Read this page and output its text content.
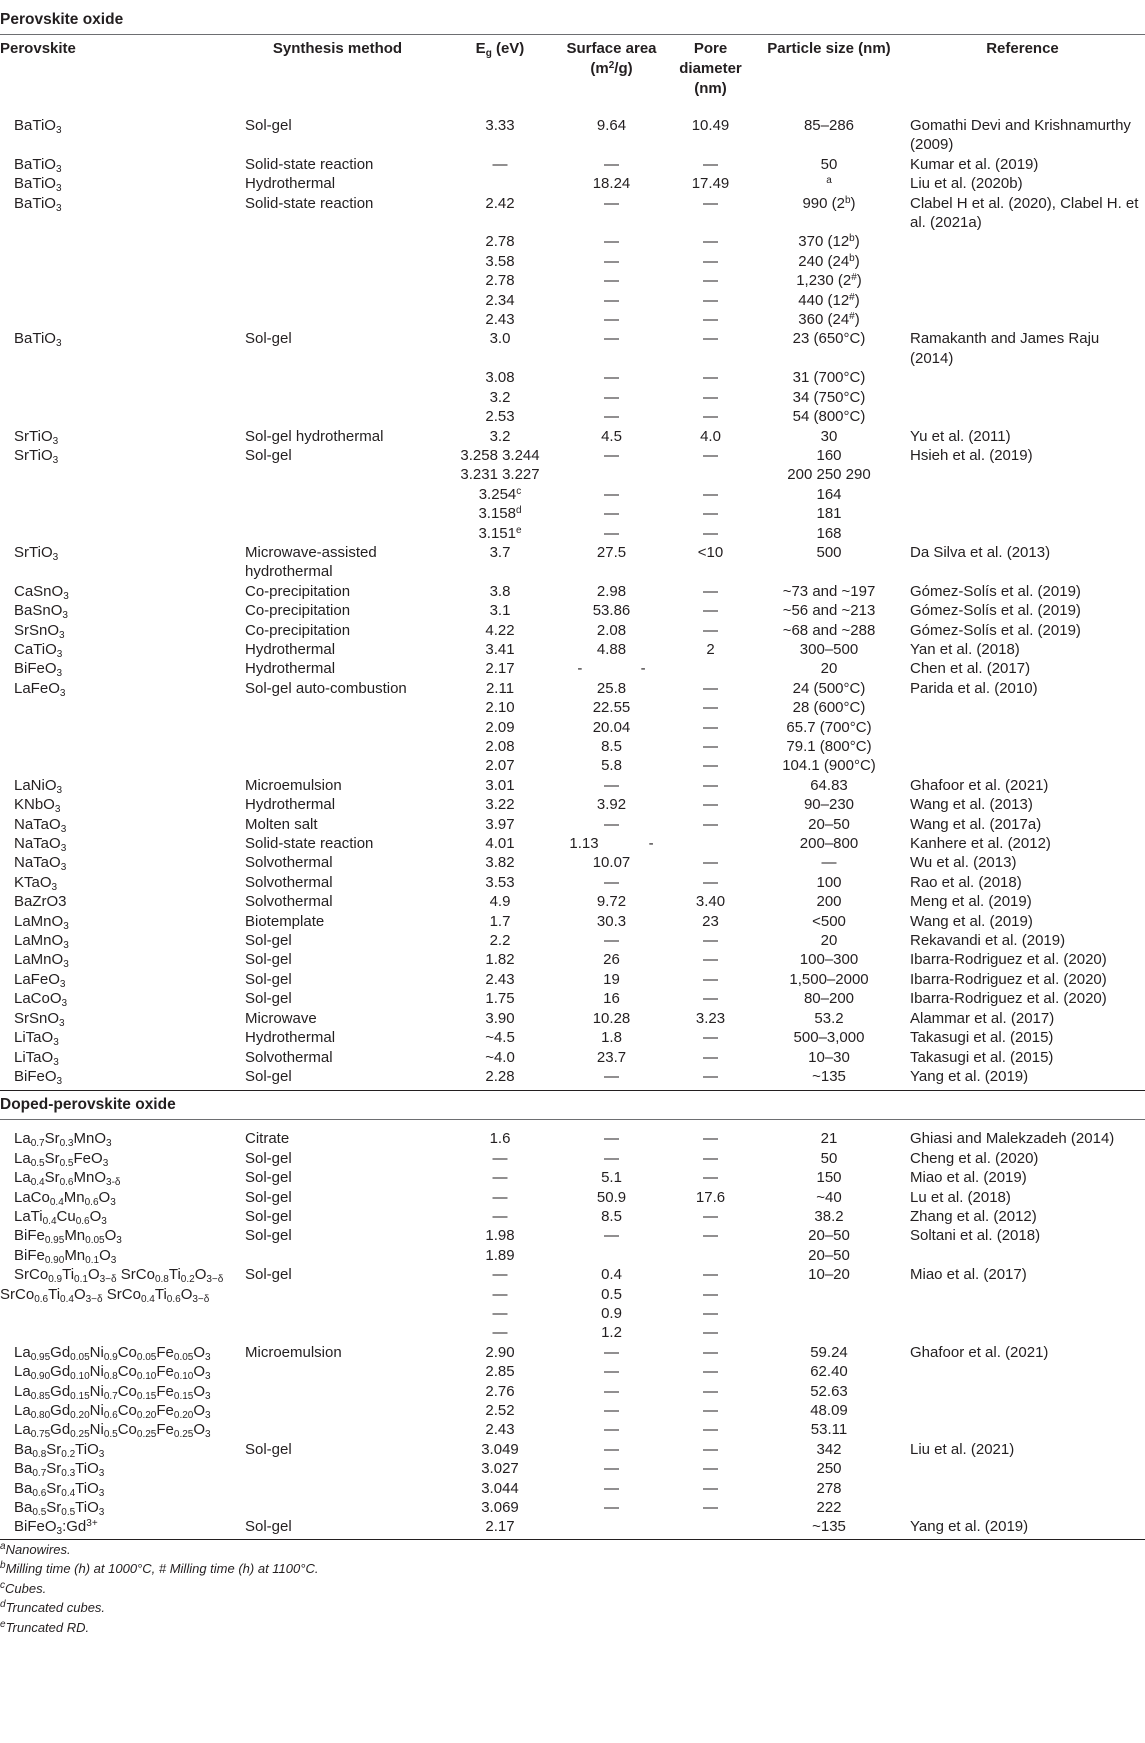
Perovskite oxide
Perovskite	Synthesis method	$E_g$ (eV)	Surface area $(m^2/g)$	Pore diameter (nm)	Particle size (nm)	Reference
BaTiO$_3$	Sol-gel	3.33	9.64	10.49	85–286	Gomathi Devi and Krishnamurthy (2009)
BaTiO$_3$	Solid-state reaction	—	—	—	50	Kumar et al. (2019)
BaTiO$_3$	Hydrothermal		18.24	17.49	$^a$	Liu et al. (2020b)
BaTiO$_3$	Solid-state reaction	2.42	—	—	990 (2$^b$)	Clabel H et al. (2020), Clabel H. et al. (2021a)
		2.78	—	—	370 (12$^b$)	
		3.58	—	—	240 (24$^b$)	
		2.78	—	—	1,230 (2#)	
		2.34	—	—	440 (12#)	
		2.43	—	—	360 (24#)	
BaTiO$_3$	Sol-gel	3.0	—	—	23 (650°C)	Ramakanth and James Raju (2014)
		3.08	—	—	31 (700°C)	
		3.2	—	—	34 (750°C)	
		2.53	—	—	54 (800°C)	
SrTiO$_3$	Sol-gel hydrothermal	3.2	4.5	4.0	30	Yu et al. (2011)
SrTiO$_3$	Sol-gel	3.258 3.244	—	—	160	Hsieh et al. (2019)
		3.231 3.227			200 250 290	
		3.254$^c$	—	—	164	
		3.158$^d$	—	—	181	
		3.151e	—	—	168	
SrTiO$_3$	Microwave-assisted hydrothermal	3.7	27.5	<10	500	Da Silva et al. (2013)
CaSnO$_3$	Co-precipitation	3.8	2.98	—	~73 and ~197	Gómez-Solís et al. (2019)
BaSnO$_3$	Co-precipitation	3.1	53.86	—	~56 and ~213	Gómez-Solís et al. (2019)
SrSnO$_3$	Co-precipitation	4.22	2.08	—	~68 and ~288	Gómez-Solís et al. (2019)
CaTiO$_3$	Hydrothermal	3.41	4.88	2	300–500	Yan et al. (2018)
BiFeO$_3$	Hydrothermal	2.17	-              -		20	Chen et al. (2017)
LaFeO$_3$	Sol-gel auto-combustion	2.11	25.8	—	24 (500°C)	Parida et al. (2010)
		2.10	22.55	—	28 (600°C)	
		2.09	20.04	—	65.7 (700°C)	
		2.08	8.5	—	79.1 (800°C)	
		2.07	5.8	—	104.1 (900°C)	
LaNiO$_3$	Microemulsion	3.01	—	—	64.83	Ghafoor et al. (2021)
KNbO$_3$	Hydrothermal	3.22	3.92	—	90–230	Wang et al. (2013)
NaTaO$_3$	Molten salt	3.97	—	—	20–50	Wang et al. (2017a)
NaTaO$_3$	Solid-state reaction	4.01	1.13            -		200–800	Kanhere et al. (2012)
NaTaO$_3$	Solvothermal	3.82	10.07	—	—	Wu et al. (2013)
KTaO$_3$	Solvothermal	3.53	—	—	100	Rao et al. (2018)
BaZrO3	Solvothermal	4.9	9.72	3.40	200	Meng et al. (2019)
LaMnO$_3$	Biotemplate	1.7	30.3	23	<500	Wang et al. (2019)
LaMnO$_3$	Sol-gel	2.2	—	—	20	Rekavandi et al. (2019)
LaMnO$_3$	Sol-gel	1.82	26	—	100–300	Ibarra-Rodriguez et al. (2020)
LaFeO$_3$	Sol-gel	2.43	19	—	1,500–2000	Ibarra-Rodriguez et al. (2020)
LaCoO$_3$	Sol-gel	1.75	16	—	80–200	Ibarra-Rodriguez et al. (2020)
SrSnO$_3$	Microwave	3.90	10.28	3.23	53.2	Alammar et al. (2017)
LiTaO$_3$	Hydrothermal	~4.5	1.8	—	500–3,000	Takasugi et al. (2015)
LiTaO$_3$	Solvothermal	~4.0	23.7	—	10–30	Takasugi et al. (2015)
BiFeO$_3$	Sol-gel	2.28	—	—	~135	Yang et al. (2019)
Doped-perovskite oxide
$La_{0.7}Sr_{0.3}MnO_3$	Citrate	1.6	—	—	21	Ghiasi and Malekzadeh (2014)
$La_{0.5}Sr_{0.5}FeO_3$	Sol-gel	—	—	—	50	Cheng et al. (2020)
$La_{0.4}Sr_{0.6}MnO_{3-\delta}$	Sol-gel	—	5.1	—	150	Miao et al. (2019)
$LaCo_{0.4}Mn_{0.6}O_3$	Sol-gel	—	50.9	17.6	~40	Lu et al. (2018)
$LaTi_{0.4}Cu_{0.6}O_3$	Sol-gel	—	8.5	—	38.2	Zhang et al. (2012)
$BiFe_{0.95}Mn_{0.05}O_3$	Sol-gel	1.98	—	—	20–50	Soltani et al. (2018)
$BiFe_{0.90}Mn_{0.1}O_3$		1.89			20–50	
$SrCo_{0.9}Ti_{0.1}O_{3-\delta}$ $SrCo_{0.8}Ti_{0.2}O_{3-\delta}$	Sol-gel	—	0.4	—	10–20	Miao et al. (2017)
$SrCo_{0.6}Ti_{0.4}O_{3-\delta}$ $SrCo_{0.4}Ti_{0.6}O_{3-\delta}$		—	0.5	—		
		—	0.9	—		
		—	1.2	—		
$La_{0.95}Gd_{0.05}Ni_{0.9}Co_{0.05}Fe_{0.05}O_3$	Microemulsion	2.90	—	—	59.24	Ghafoor et al. (2021)
$La_{0.90}Gd_{0.10}Ni_{0.8}Co_{0.10}Fe_{0.10}O_3$		2.85	—	—	62.40	
$La_{0.85}Gd_{0.15}Ni_{0.7}Co_{0.15}Fe_{0.15}O_3$		2.76	—	—	52.63	
$La_{0.80}Gd_{0.20}Ni_{0.6}Co_{0.20}Fe_{0.20}O_3$		2.52	—	—	48.09	
$La_{0.75}Gd_{0.25}Ni_{0.5}Co_{0.25}Fe_{0.25}O_3$		2.43	—	—	53.11	
$Ba_{0.8}Sr_{0.2}TiO_3$	Sol-gel	3.049	—	—	342	Liu et al. (2021)
$Ba_{0.7}Sr_{0.3}TiO_3$		3.027	—	—	250	
$Ba_{0.6}Sr_{0.4}TiO_3$		3.044	—	—	278	
$Ba_{0.5}Sr_{0.5}TiO_3$		3.069	—	—	222	
$BiFeO_3:Gd^{3+}$	Sol-gel	2.17			~135	Yang et al. (2019)
$^a$Nanowires.
$^b$Milling time (h) at 1000°C, # Milling time (h) at 1100°C.
$^c$Cubes.
$^d$Truncated cubes.
$^e$Truncated RD.
